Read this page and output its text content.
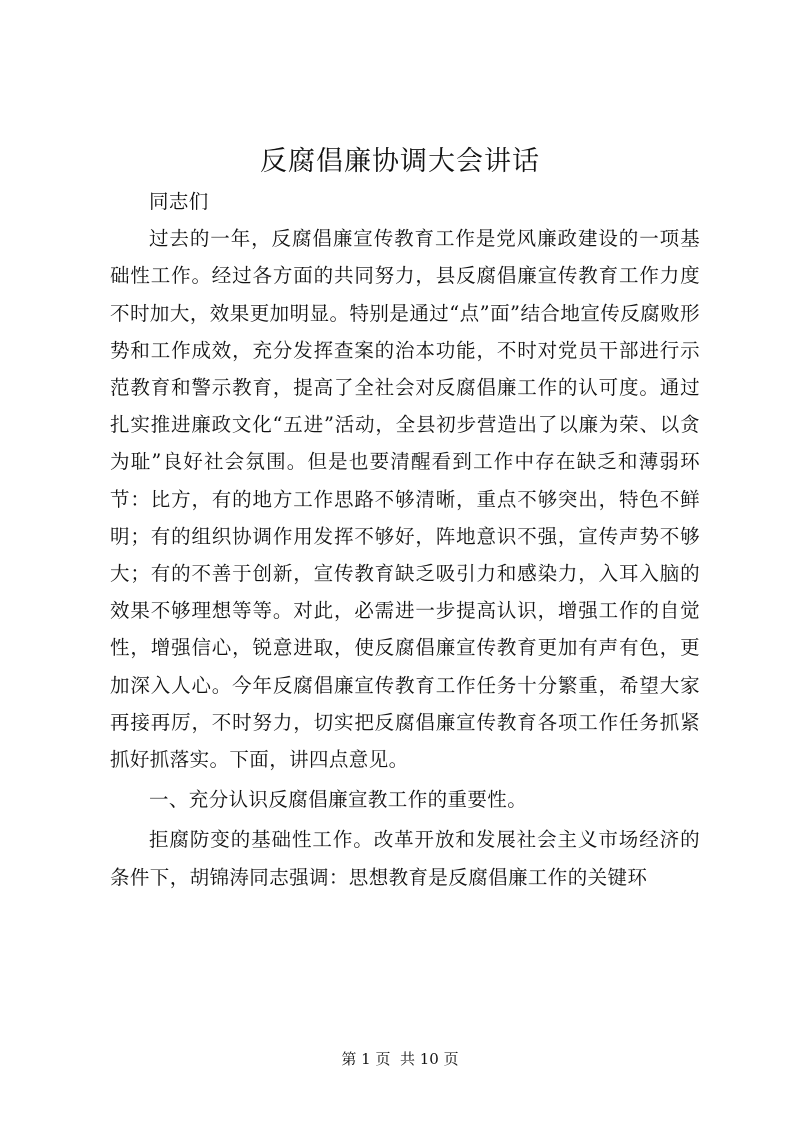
反腐倡廉协调大会讲话

同志们

过去的一年，反腐倡廉宣传教育工作是党风廉政建设的一项基础性工作。经过各方面的共同努力，县反腐倡廉宣传教育工作力度不时加大，效果更加明显。特别是通过“点”面”结合地宣传反腐败形势和工作成效，充分发挥查案的治本功能，不时对党员干部进行示范教育和警示教育，提高了全社会对反腐倡廉工作的认可度。通过扎实推进廉政文化“五进”活动，全县初步营造出了以廉为荣、以贪为耻”良好社会氛围。但是也要清醒看到工作中存在缺乏和薄弱环节：比方，有的地方工作思路不够清晰，重点不够突出，特色不鲜明；有的组织协调作用发挥不够好，阵地意识不强，宣传声势不够大；有的不善于创新，宣传教育缺乏吸引力和感染力，入耳入脑的效果不够理想等等。对此，必需进一步提高认识，增强工作的自觉性，增强信心，锐意进取，使反腐倡廉宣传教育更加有声有色，更加深入人心。今年反腐倡廉宣传教育工作任务十分繁重，希望大家再接再厉，不时努力，切实把反腐倡廉宣传教育各项工作任务抓紧抓好抓落实。下面，讲四点意见。

一、充分认识反腐倡廉宣教工作的重要性。

拒腐防变的基础性工作。改革开放和发展社会主义市场经济的条件下，胡锦涛同志强调：思想教育是反腐倡廉工作的关键环

第 1 页  共 10 页
